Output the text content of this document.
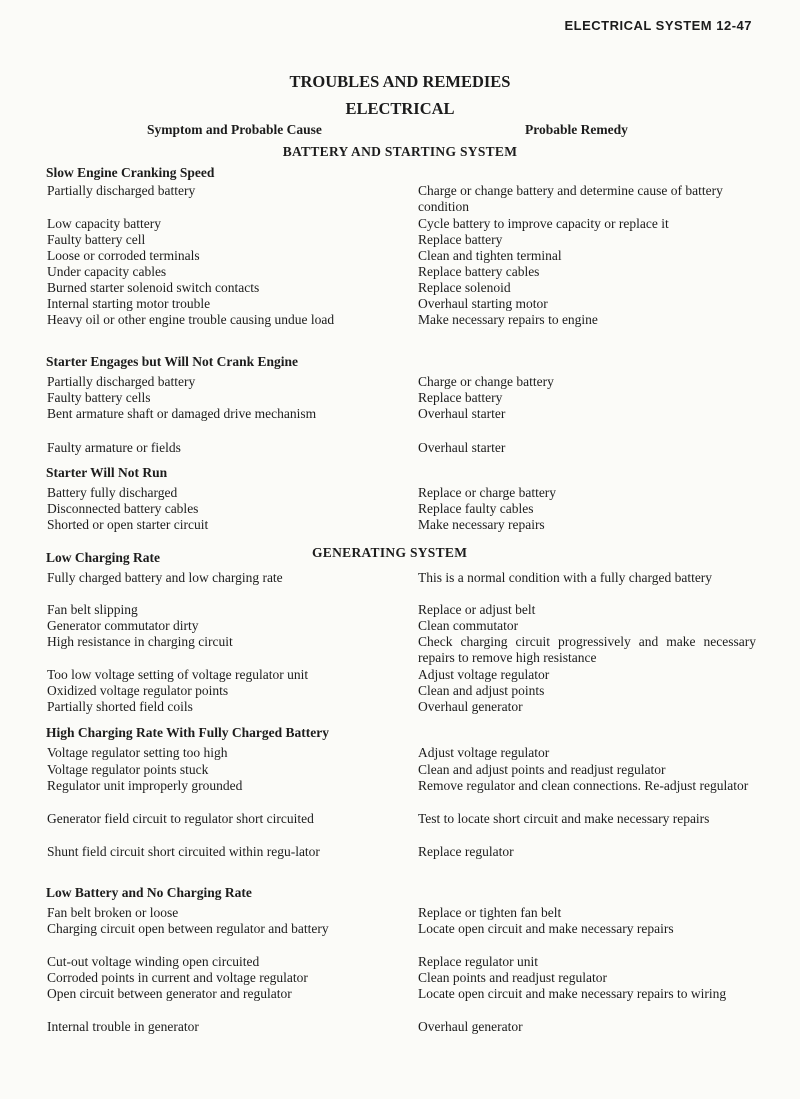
ELECTRICAL SYSTEM 12-47
TROUBLES AND REMEDIES
ELECTRICAL
Symptom and Probable Cause	Probable Remedy
BATTERY AND STARTING SYSTEM
GENERATING SYSTEM
Slow Engine Cranking Speed
Partially discharged battery	Charge or change battery and determine cause of battery condition
Low capacity battery	Cycle battery to improve capacity or replace it
Faulty battery cell	Replace battery
Loose or corroded terminals	Clean and tighten terminal
Under capacity cables	Replace battery cables
Burned starter solenoid switch contacts	Replace solenoid
Internal starting motor trouble	Overhaul starting motor
Heavy oil or other engine trouble causing undue load	Make necessary repairs to engine
Starter Engages but Will Not Crank Engine
Partially discharged battery	Charge or change battery
Faulty battery cells	Replace battery
Bent armature shaft or damaged drive mechanism	Overhaul starter
Faulty armature or fields	Overhaul starter
Starter Will Not Run
Battery fully discharged	Replace or charge battery
Disconnected battery cables	Replace faulty cables
Shorted or open starter circuit	Make necessary repairs
Low Charging Rate
Fully charged battery and low charging rate	This is a normal condition with a fully charged battery
Fan belt slipping	Replace or adjust belt
Generator commutator dirty	Clean commutator
High resistance in charging circuit	Check charging circuit progressively and make necessary repairs to remove high resistance
Too low voltage setting of voltage regulator unit	Adjust voltage regulator
Oxidized voltage regulator points	Clean and adjust points
Partially shorted field coils	Overhaul generator
High Charging Rate With Fully Charged Battery
Voltage regulator setting too high	Adjust voltage regulator
Voltage regulator points stuck	Clean and adjust points and readjust regulator
Regulator unit improperly grounded	Remove regulator and clean connections. Re-adjust regulator
Generator field circuit to regulator short circuited	Test to locate short circuit and make necessary repairs
Shunt field circuit short circuited within regu-lator	Replace regulator
Low Battery and No Charging Rate
Fan belt broken or loose	Replace or tighten fan belt
Charging circuit open between regulator and battery	Locate open circuit and make necessary repairs
Cut-out voltage winding open circuited	Replace regulator unit
Corroded points in current and voltage regulator	Clean points and readjust regulator
Open circuit between generator and regulator	Locate open circuit and make necessary repairs to wiring
Internal trouble in generator	Overhaul generator
